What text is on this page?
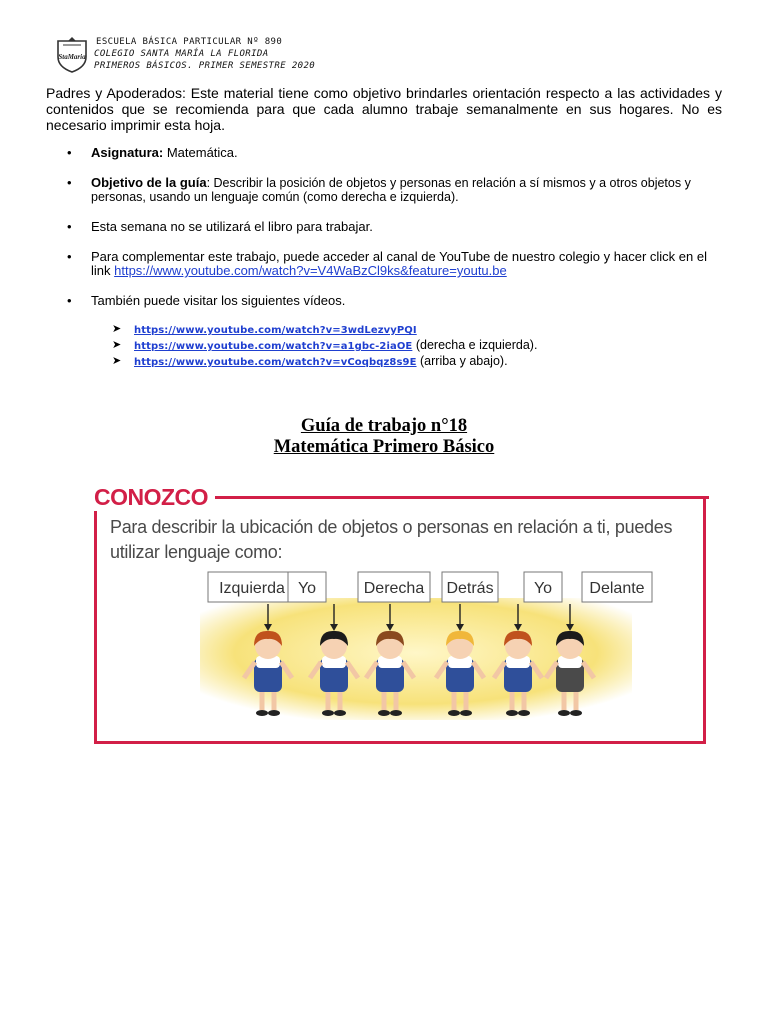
StaMaria
ESCUELA BÁSICA PARTICULAR Nº 890
COLEGIO SANTA MARÍA LA FLORIDA
PRIMEROS BÁSICOS. PRIMER SEMESTRE 2020
Padres y Apoderados: Este material tiene como objetivo brindarles orientación respecto a las actividades y contenidos que se recomienda para que cada alumno trabaje semanalmente en sus hogares. No es necesario imprimir esta hoja.
• Asignatura: Matemática.
• Objetivo de la guía: Describir la posición de objetos y personas en relación a sí mismos y a otros objetos y personas, usando un lenguaje común (como derecha e izquierda).
• Esta semana no se utilizará el libro para trabajar.
• Para complementar este trabajo, puede acceder al canal de YouTube de nuestro colegio y hacer click en el link https://www.youtube.com/watch?v=V4WaBzCl9ks&feature=youtu.be
• También puede visitar los siguientes vídeos.
➤ https://www.youtube.com/watch?v=3wdLezvyPQI
➤ https://www.youtube.com/watch?v=a1gbc-2iaOE (derecha e izquierda).
➤ https://www.youtube.com/watch?v=vCoqbqz8s9E (arriba y abajo).
Guía de trabajo n°18
Matemática Primero Básico
CONOZCO
Para describir la ubicación de objetos o personas en relación a ti, puedes utilizar lenguaje como:
Izquierda Yo	Derecha Detrás	Yo Delante
